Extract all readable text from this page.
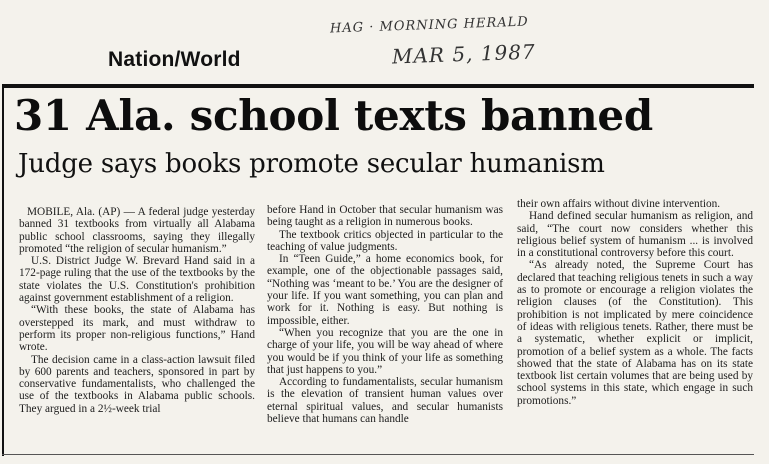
HAG · MORNING HERALD
MAR 5, 1987
Nation/World
31 Ala. school texts banned
Judge says books promote secular humanism

MOBILE, Ala. (AP) — A federal judge yesterday banned 31 textbooks from virtually all Alabama public school classrooms, saying they illegally promoted “the religion of secular humanism.”

U.S. District Judge W. Brevard Hand said in a 172-page ruling that the use of the textbooks by the state violates the U.S. Constitution's prohibition against government establishment of a religion.

“With these books, the state of Alabama has overstepped its mark, and must withdraw to perform its proper non-religious functions,” Hand wrote.

The decision came in a class-action lawsuit filed by 600 parents and teachers, sponsored in part by conservative fundamentalists, who challenged the use of the textbooks in Alabama public schools. They argued in a 2½-week trial

before Hand in October that secular humanism was being taught as a religion in numerous books.

The textbook critics objected in particular to the teaching of value judgments.

In “Teen Guide,” a home economics book, for example, one of the objectionable passages said, “Nothing was ‘meant to be.’ You are the designer of your life. If you want something, you can plan and work for it. Nothing is easy. But nothing is impossible, either.

“When you recognize that you are the one in charge of your life, you will be way ahead of where you would be if you think of your life as something that just happens to you.”

According to fundamentalists, secular humanism is the elevation of transient human values over eternal spiritual values, and secular humanists believe that humans can handle

their own affairs without divine intervention.

Hand defined secular humanism as religion, and said, “The court now considers whether this religious belief system of humanism ... is involved in a constitutional controversy before this court.

“As already noted, the Supreme Court has declared that teaching religious tenets in such a way as to promote or encourage a religion violates the religion clauses (of the Constitution). This prohibition is not implicated by mere coincidence of ideas with religious tenets. Rather, there must be a systematic, whether explicit or implicit, promotion of a belief system as a whole. The facts showed that the state of Alabama has on its state textbook list certain volumes that are being used by school systems in this state, which engage in such promotions.”
